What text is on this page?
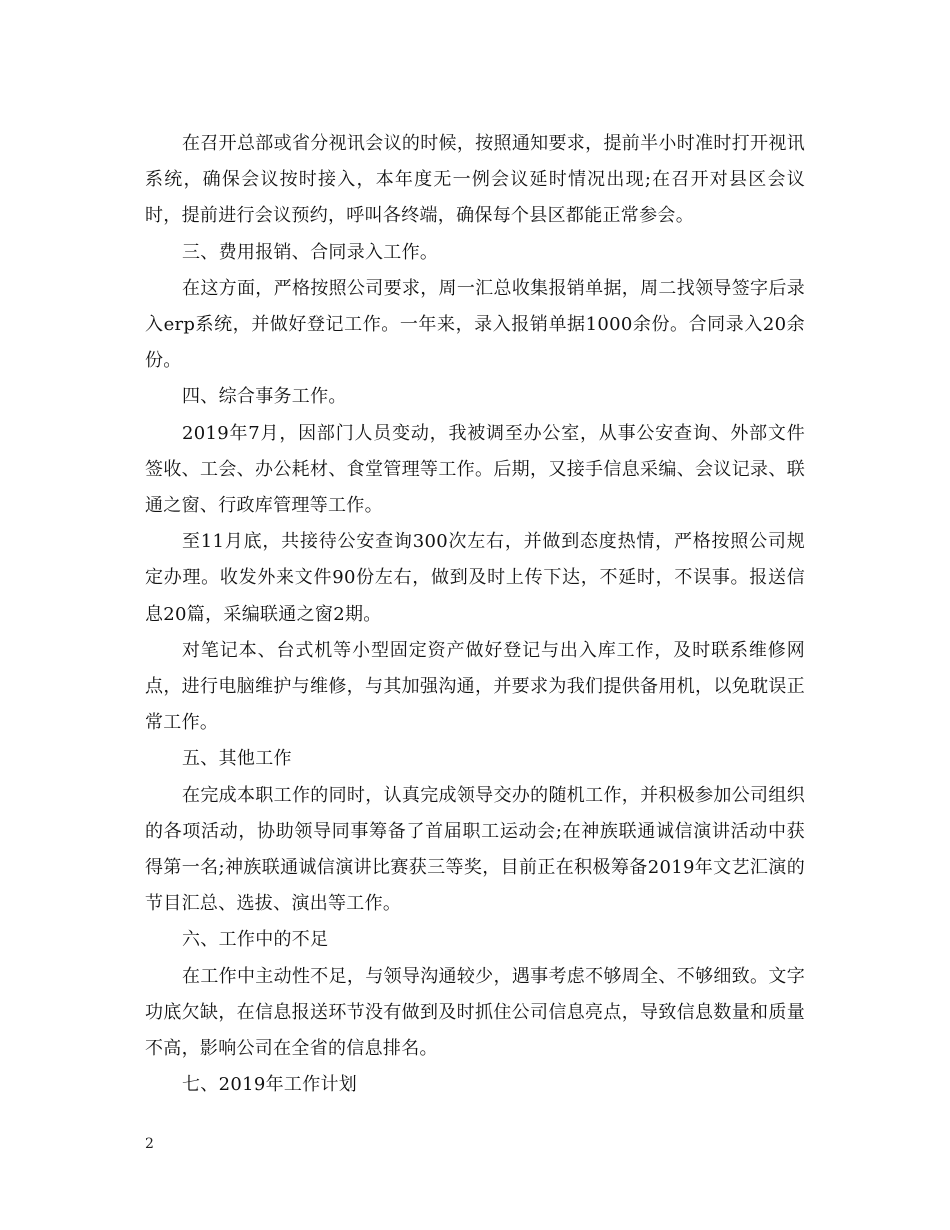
在召开总部或省分视讯会议的时候，按照通知要求，提前半小时准时打开视讯系统，确保会议按时接入，本年度无一例会议延时情况出现;在召开对县区会议时，提前进行会议预约，呼叫各终端，确保每个县区都能正常参会。

三、费用报销、合同录入工作。

在这方面，严格按照公司要求，周一汇总收集报销单据，周二找领导签字后录入erp系统，并做好登记工作。一年来，录入报销单据1000余份。合同录入20余份。

四、综合事务工作。

2019年7月，因部门人员变动，我被调至办公室，从事公安查询、外部文件签收、工会、办公耗材、食堂管理等工作。后期，又接手信息采编、会议记录、联通之窗、行政库管理等工作。

至11月底，共接待公安查询300次左右，并做到态度热情，严格按照公司规定办理。收发外来文件90份左右，做到及时上传下达，不延时，不误事。报送信息20篇，采编联通之窗2期。

对笔记本、台式机等小型固定资产做好登记与出入库工作，及时联系维修网点，进行电脑维护与维修，与其加强沟通，并要求为我们提供备用机，以免耽误正常工作。

五、其他工作

在完成本职工作的同时，认真完成领导交办的随机工作，并积极参加公司组织的各项活动，协助领导同事筹备了首届职工运动会;在神族联通诚信演讲活动中获得第一名;神族联通诚信演讲比赛获三等奖，目前正在积极筹备2019年文艺汇演的节目汇总、选拔、演出等工作。

六、工作中的不足

在工作中主动性不足，与领导沟通较少，遇事考虑不够周全、不够细致。文字功底欠缺，在信息报送环节没有做到及时抓住公司信息亮点，导致信息数量和质量不高，影响公司在全省的信息排名。

七、2019年工作计划

2
